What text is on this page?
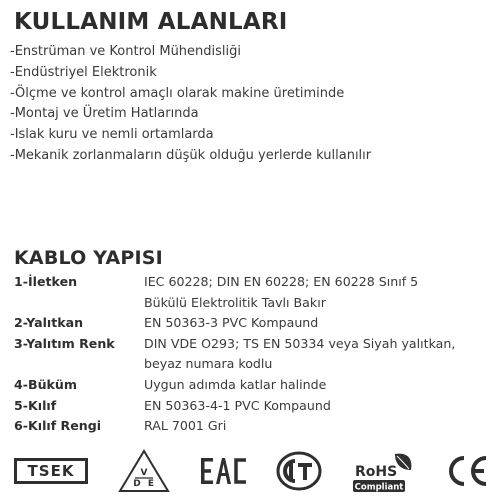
KULLANIM ALANLARI
-Enstrüman ve Kontrol Mühendisliği
-Endüstriyel Elektronik
-Ölçme ve kontrol amaçlı olarak makine üretiminde
-Montaj ve Üretim Hatlarında
-Islak kuru ve nemli ortamlarda
-Mekanik zorlanmaların düşük olduğu yerlerde kullanılır
KABLO YAPISI
1-İletken	IEC 60228; DIN EN 60228; EN 60228 Sınıf 5
Bükülü Elektrolitik Tavlı Bakır
2-Yalıtkan	EN 50363-3 PVC Kompaund
3-Yalıtım Renk	DIN VDE O293; TS EN 50334 veya Siyah yalıtkan,
beyaz numara kodlu
4-Büküm	Uygun adımda katlar halinde
5-Kılıf	EN 50363-4-1 PVC Kompaund
6-Kılıf Rengi	RAL 7001 Gri
TSEK	V
D E
RoHS
Compliant
